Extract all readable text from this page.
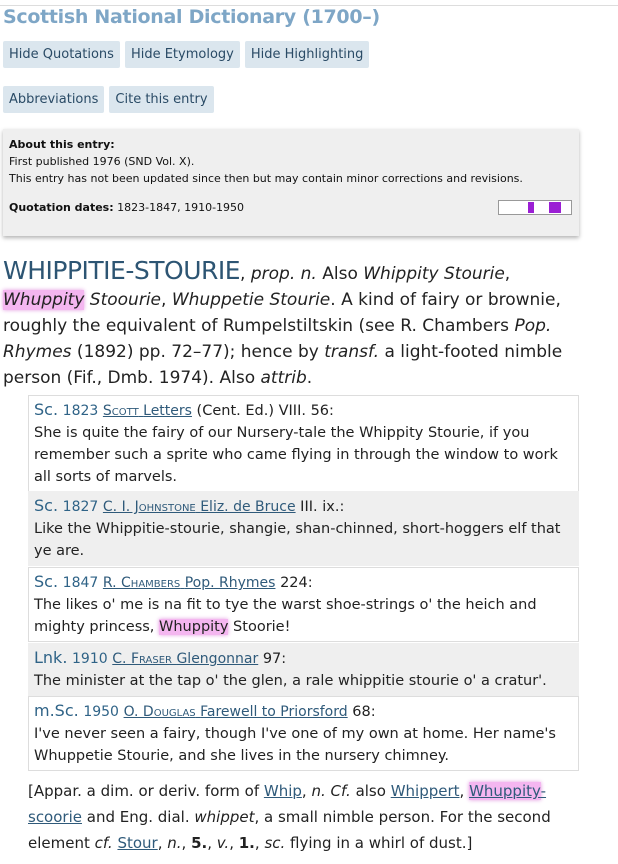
Scottish National Dictionary (1700–)
Hide Quotations	Hide Etymology	Hide Highlighting
Abbreviations	Cite this entry
About this entry:
First published 1976 (SND Vol. X).
This entry has not been updated since then but may contain minor corrections and revisions.
Quotation dates: 1823-1847, 1910-1950
WHIPPITIE-STOURIE, prop. n. Also Whippity Stourie, Whuppity Stoourie, Whuppetie Stourie. A kind of fairy or brownie, roughly the equivalent of Rumpelstiltskin (see R. Chambers Pop. Rhymes (1892) pp. 72–77); hence by transf. a light-footed nimble person (Fif., Dmb. 1974). Also attrib.
Sc. 1823 Scott Letters (Cent. Ed.) VIII. 56:
She is quite the fairy of our Nursery-tale the Whippity Stourie, if you remember such a sprite who came flying in through the window to work all sorts of marvels.
Sc. 1827 C. I. Johnstone Eliz. de Bruce III. ix.:
Like the Whippitie-stourie, shangie, shan-chinned, short-hoggers elf that ye are.
Sc. 1847 R. Chambers Pop. Rhymes 224:
The likes o' me is na fit to tye the warst shoe-strings o' the heich and mighty princess, Whuppity Stoorie!
Lnk. 1910 C. Fraser Glengonnar 97:
The minister at the tap o' the glen, a rale whippitie stourie o' a cratur'.
m.Sc. 1950 O. Douglas Farewell to Priorsford 68:
I've never seen a fairy, though I've one of my own at home. Her name's Whuppetie Stourie, and she lives in the nursery chimney.
[Appar. a dim. or deriv. form of Whip, n. Cf. also Whippert, Whuppity-scoorie and Eng. dial. whippet, a small nimble person. For the second element cf. Stour, n., 5., v., 1., sc. flying in a whirl of dust.]
